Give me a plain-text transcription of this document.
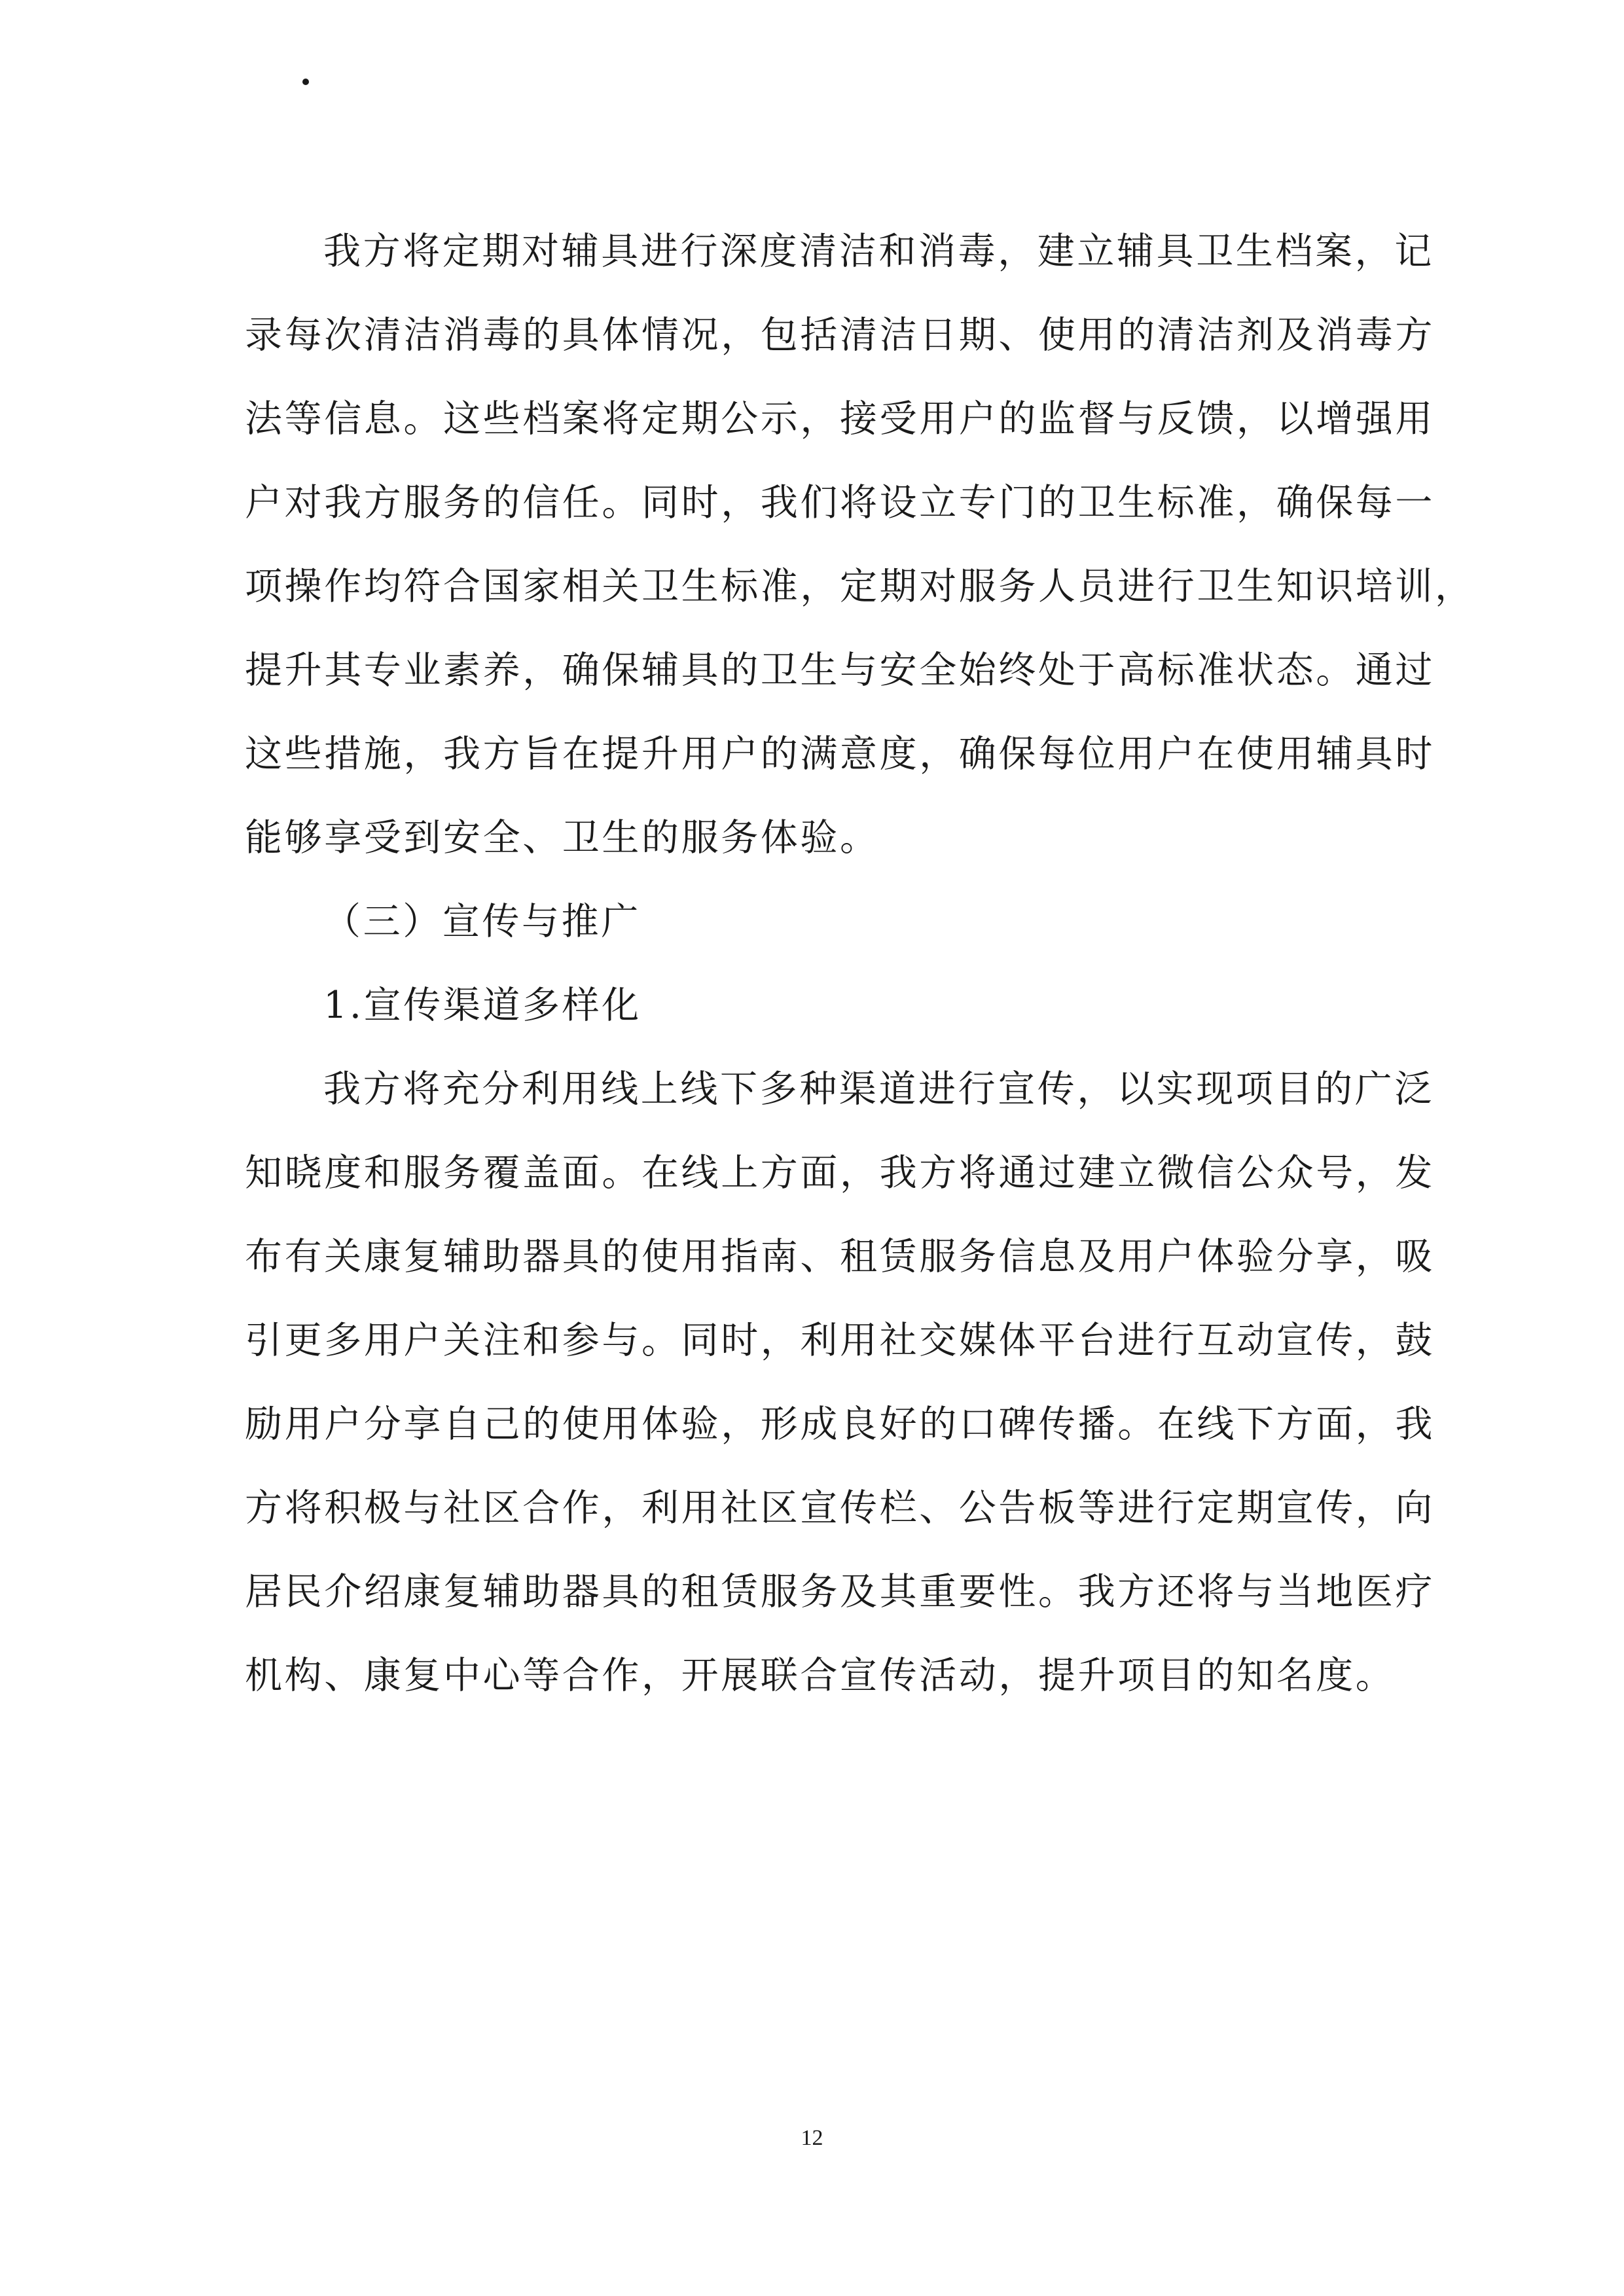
我方将定期对辅具进行深度清洁和消毒，建立辅具卫生档案，记
录每次清洁消毒的具体情况，包括清洁日期、使用的清洁剂及消毒方
法等信息。这些档案将定期公示，接受用户的监督与反馈，以增强用
户对我方服务的信任。同时，我们将设立专门的卫生标准，确保每一
项操作均符合国家相关卫生标准，定期对服务人员进行卫生知识培训，
提升其专业素养，确保辅具的卫生与安全始终处于高标准状态。通过
这些措施，我方旨在提升用户的满意度，确保每位用户在使用辅具时
能够享受到安全、卫生的服务体验。
（三）宣传与推广
1.宣传渠道多样化
我方将充分利用线上线下多种渠道进行宣传，以实现项目的广泛
知晓度和服务覆盖面。在线上方面，我方将通过建立微信公众号，发
布有关康复辅助器具的使用指南、租赁服务信息及用户体验分享，吸
引更多用户关注和参与。同时，利用社交媒体平台进行互动宣传，鼓
励用户分享自己的使用体验，形成良好的口碑传播。在线下方面，我
方将积极与社区合作，利用社区宣传栏、公告板等进行定期宣传，向
居民介绍康复辅助器具的租赁服务及其重要性。我方还将与当地医疗
机构、康复中心等合作，开展联合宣传活动，提升项目的知名度。
12
